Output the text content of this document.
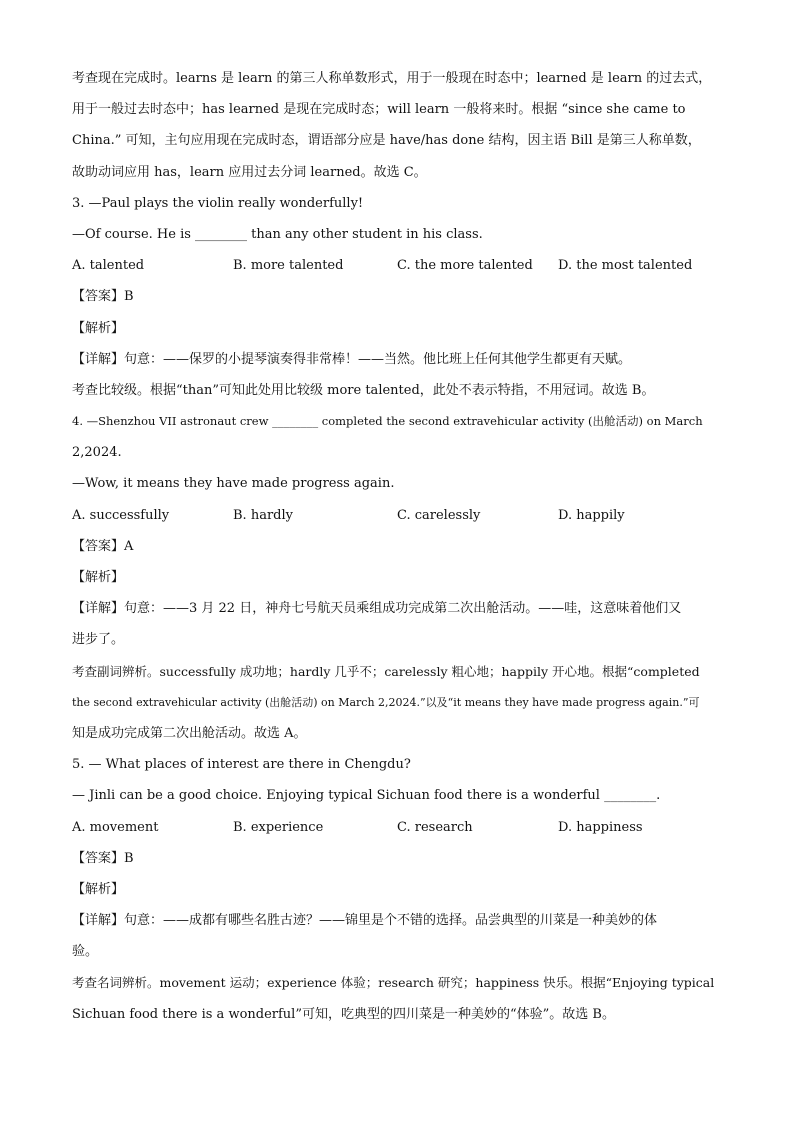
考查现在完成时。learns 是 learn 的第三人称单数形式，用于一般现在时态中；learned 是 learn 的过去式，
用于一般过去时态中；has learned 是现在完成时态；will learn 一般将来时。根据 “since she came to
China.” 可知，主句应用现在完成时态，谓语部分应是 have/has done 结构，因主语 Bill 是第三人称单数，
故助动词应用 has，learn 应用过去分词 learned。故选 C。
3. —Paul plays the violin really wonderfully!
—Of course. He is ________ than any other student in his class.
A. talented	B. more talented	C. the more talented	D. the most talented
【答案】B
【解析】
【详解】句意：——保罗的小提琴演奏得非常棒！——当然。他比班上任何其他学生都更有天赋。
考查比较级。根据“than”可知此处用比较级 more talented，此处不表示特指，不用冠词。故选 B。
4. —Shenzhou VII astronaut crew ________ completed the second extravehicular activity (出舱活动) on March
2,2024.
—Wow, it means they have made progress again.
A. successfully	B. hardly	C. carelessly	D. happily
【答案】A
【解析】
【详解】句意：——3 月 22 日，神舟七号航天员乘组成功完成第二次出舱活动。——哇，这意味着他们又
进步了。
考查副词辨析。successfully 成功地；hardly 几乎不；carelessly 粗心地；happily 开心地。根据“completed
the second extravehicular activity (出舱活动) on March 2,2024.”以及“it means they have made progress again.”可
知是成功完成第二次出舱活动。故选 A。
5. — What places of interest are there in Chengdu?
— Jinli can be a good choice. Enjoying typical Sichuan food there is a wonderful ________.
A. movement	B. experience	C. research	D. happiness
【答案】B
【解析】
【详解】句意：——成都有哪些名胜古迹？——锦里是个不错的选择。品尝典型的川菜是一种美妙的体
验。
考查名词辨析。movement 运动；experience 体验；research 研究；happiness 快乐。根据“Enjoying typical
Sichuan food there is a wonderful”可知，吃典型的四川菜是一种美妙的“体验”。故选 B。
